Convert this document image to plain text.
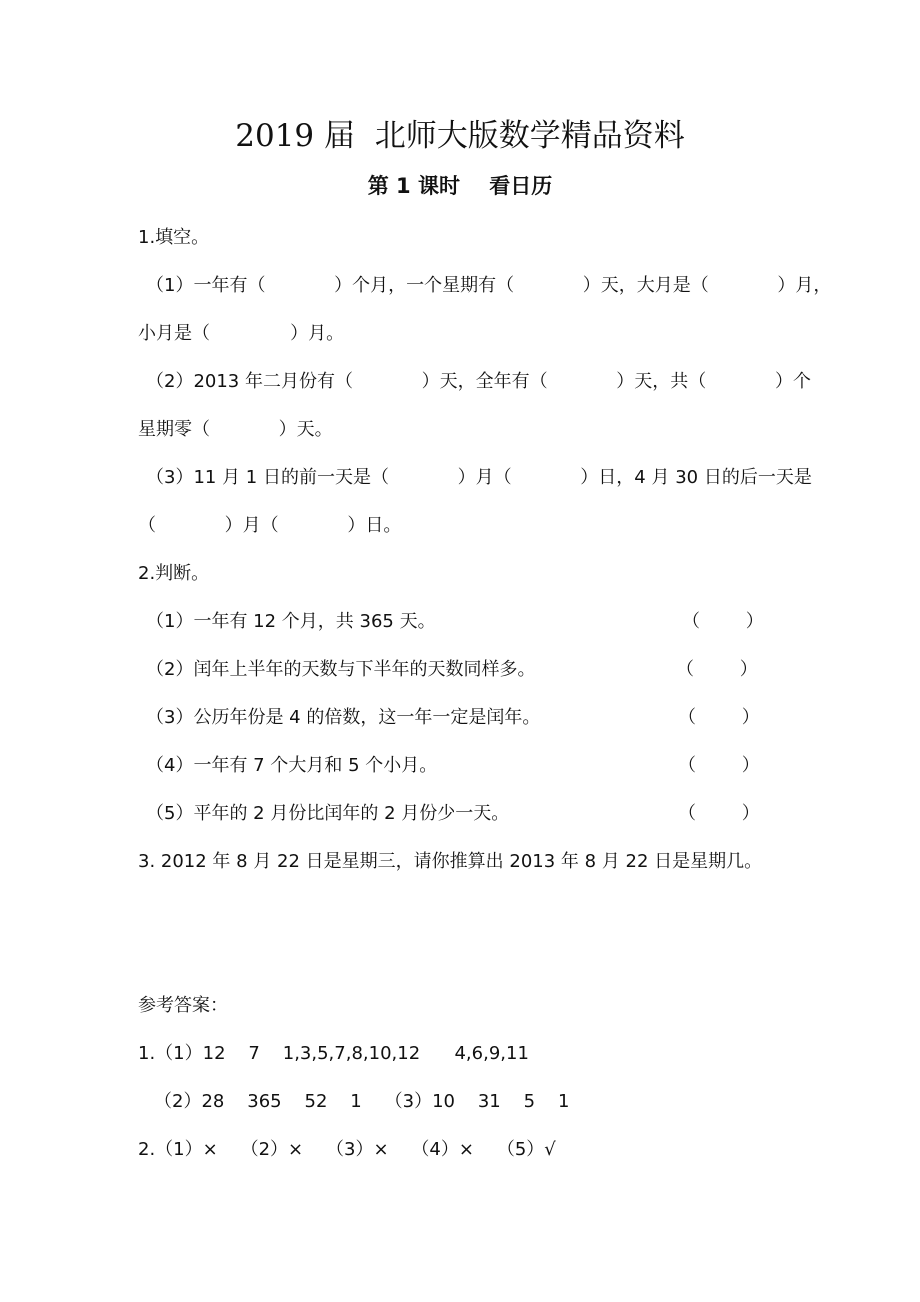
2019 届  北师大版数学精品资料
第 1 课时    看日历
1.填空。
（1）一年有（            ）个月，一个星期有（            ）天，大月是（            ）月，
小月是（              ）月。
（2）2013 年二月份有（            ）天，全年有（            ）天，共（            ）个
星期零（            ）天。
（3）11 月 1 日的前一天是（            ）月（            ）日，4 月 30 日的后一天是
（            ）月（            ）日。
2.判断。
（1）一年有 12 个月，共 365 天。	（        ）
（2）闰年上半年的天数与下半年的天数同样多。	（        ）
（3）公历年份是 4 的倍数，这一年一定是闰年。	（        ）
（4）一年有 7 个大月和 5 个小月。	（        ）
（5）平年的 2 月份比闰年的 2 月份少一天。	（        ）
3. 2012 年 8 月 22 日是星期三，请你推算出 2013 年 8 月 22 日是星期几。
参考答案：
1.（1）12    7    1,3,5,7,8,10,12      4,6,9,11
（2）28    365    52    1    （3）10    31    5    1
2.（1）×    （2）×    （3）×    （4）×    （5）√
